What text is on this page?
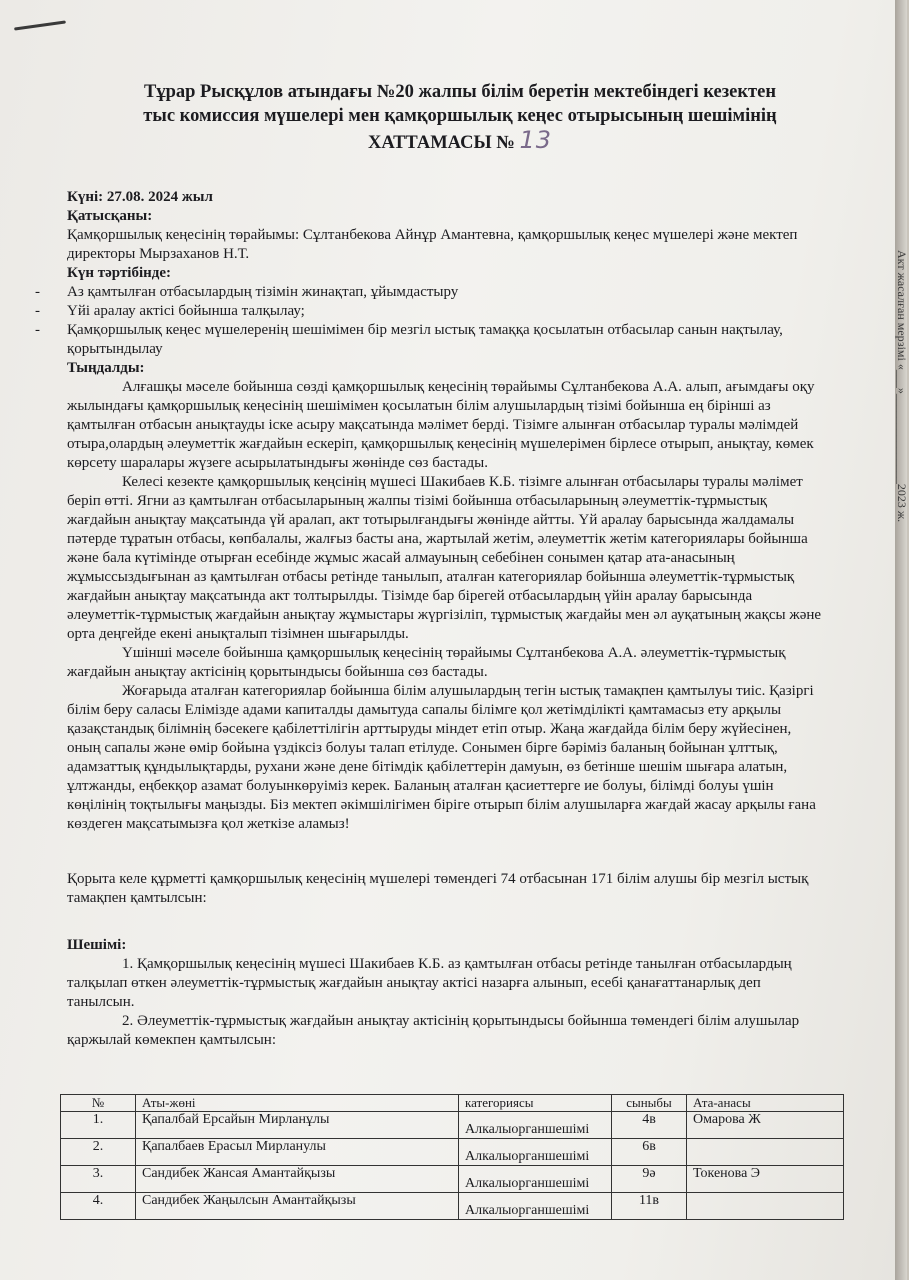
Тұрар Рысқұлов атындағы №20 жалпы білім беретін мектебіндегі кезектен
тыс комиссия мүшелері мен қамқоршылық кеңес отырысының шешімінің
ХАТТАМАСЫ № 13

Күні: 27.08. 2024 жыл

Қатысқаны:

Қамқоршылық кеңесінің төрайымы: Сұлтанбекова Айнұр Амантевна, қамқоршылық кеңес мүшелері және мектеп директоры Мырзаханов Н.Т.

Күн тәртібінде:

- Аз қамтылған отбасылардың тізімін жинақтап, ұйымдастыру

- Үйі аралау актісі бойынша талқылау;

- Қамқоршылық кеңес мүшелеренің шешімімен бір мезгіл ыстық тамаққа қосылатын отбасылар санын нақтылау, қорытындылау

Тыңдалды:

Алғашқы мәселе бойынша сөзді қамқоршылық кеңесінің төрайымы Сұлтанбекова А.А. алып, ағымдағы оқу жылындағы қамқоршылық кеңесінің шешімімен қосылатын білім алушылардың тізімі бойынша ең бірінші аз қамтылған отбасын анықтауды іске асыру мақсатында мәлімет берді. Тізімге алынған отбасылар туралы мәлімдей отыра,олардың әлеуметтік жағдайын ескеріп, қамқоршылық кеңесінің мүшелерімен бірлесе отырып, анықтау, көмек көрсету шаралары жүзеге асырылатындығы жөнінде сөз бастады.

Келесі кезекте қамқоршылық кеңсінің мүшесі Шакибаев К.Б. тізімге алынған отбасылары туралы мәлімет беріп өтті. Ягни аз қамтылған отбасыларының жалпы тізімі бойынша отбасыларының әлеуметтік-тұрмыстық жағдайын анықтау мақсатында үй аралап, акт тотырылғандығы жөнінде айтты. Үй аралау барысында жалдамалы пәтерде тұратын отбасы, көпбалалы, жалғыз басты ана, жартылай жетім, әлеуметтік жетім категориялары бойынша және бала күтімінде отырған есебінде жұмыс жасай алмауының себебінен сонымен қатар ата-анасының жұмыссыздығынан аз қамтылған отбасы ретінде танылып, аталған категориялар бойынша әлеуметтік-тұрмыстық жағдайын анықтау мақсатында акт толтырылды. Тізімде бар бірегей отбасылардың үйін аралау барысында әлеуметтік-тұрмыстық жағдайын анықтау жұмыстары жүргізіліп, тұрмыстық жағдайы мен әл ауқатының жақсы және орта деңгейде екені анықталып тізімнен шығарылды.

Үшінші мәселе бойынша қамқоршылық кеңесінің төрайымы Сұлтанбекова А.А. әлеуметтік-тұрмыстық жағдайын анықтау актісінің қорытындысы бойынша сөз бастады.

Жоғарыда аталған категориялар бойынша білім алушылардың тегін ыстық тамақпен қамтылуы тиіс. Қазіргі білім беру саласы Елімізде адами капиталды дамытуда сапалы білімге қол жетімділікті қамтамасыз ету арқылы қазақстандық білімнің бәсекеге қабілеттілігін арттыруды міндет етіп отыр. Жаңа жағдайда білім беру жүйесінен, оның сапалы және өмір бойына үздіксіз болуы талап етілуде. Сонымен бірге бәріміз баланың бойынан ұлттық, адамзаттық құндылықтарды, рухани және дене бітімдік қабілеттерін дамуын, өз бетінше шешім шығара алатын, ұлтжанды, еңбекқор азамат болуынкөруіміз керек. Баланың аталған қасиеттерге ие болуы, білімді болуы үшін көңілінің тоқтылығы маңызды. Біз мектеп әкімшілігімен біріге отырып білім алушыларға жағдай жасау арқылы ғана көздеген мақсатымызға қол жеткізе аламыз!

Қорыта келе құрметті қамқоршылық кеңесінің мүшелері төмендегі 74 отбасынан 171 білім алушы бір мезгіл ыстық тамақпен қамтылсын:

Шешімі:

1. Қамқоршылық кеңесінің мүшесі Шакибаев К.Б. аз қамтылған отбасы ретінде танылған отбасылардың талқылап өткен әлеуметтік-тұрмыстық жағдайын анықтау актісі назарға алынып, есебі қанағаттанарлық деп танылсын.

2. Әлеуметтік-тұрмыстық жағдайын анықтау актісінің қорытындысы бойынша төмендегі білім алушылар қаржылай көмекпен қамтылсын:

№	Аты-жөні	категориясы	сыныбы	Ата-анасы
1.	Қапалбай Ерсайын Мирланұлы	Алкалыорганшешімі	4в	Омарова Ж
2.	Қапалбаев Ерасыл Мирланулы	Алкалыорганшешімі	6в	
3.	Сандибек Жансая Амантайқызы	Алкалыорганшешімі	9ә	Токенова Э
4.	Сандибек Жаңылсын Амантайқызы	Алкалыорганшешімі	11в	
Акт жасалған мерзімі «___»_______________2023 ж.
